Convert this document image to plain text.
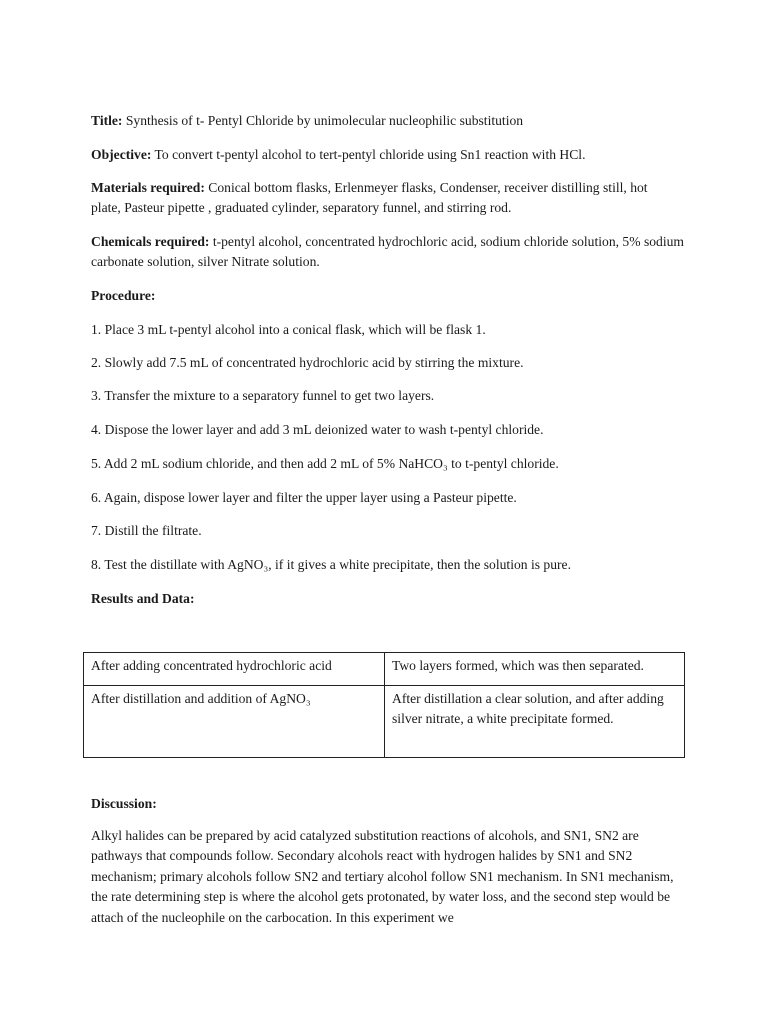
Title: Synthesis of t- Pentyl Chloride by unimolecular nucleophilic substitution

Objective: To convert t-pentyl alcohol to tert-pentyl chloride using Sn1 reaction with HCl.

Materials required: Conical bottom flasks, Erlenmeyer flasks, Condenser, receiver distilling still, hot plate, Pasteur pipette , graduated cylinder, separatory funnel, and stirring rod.

Chemicals required: t-pentyl alcohol, concentrated hydrochloric acid, sodium chloride solution, 5% sodium carbonate solution, silver Nitrate solution.

Procedure:

1. Place 3 mL t-pentyl alcohol into a conical flask, which will be flask 1.

2. Slowly add 7.5 mL of concentrated hydrochloric acid by stirring the mixture.

3. Transfer the mixture to a separatory funnel to get two layers.

4. Dispose the lower layer and add 3 mL deionized water to wash t-pentyl chloride.

5. Add 2 mL sodium chloride, and then add 2 mL of 5% NaHCO₃ to t-pentyl chloride.

6. Again, dispose lower layer and filter the upper layer using a Pasteur pipette.

7. Distill the filtrate.

8. Test the distillate with AgNO₃, if it gives a white precipitate, then the solution is pure.

Results and Data:

After adding concentrated hydrochloric acid	Two layers formed, which was then separated.
After distillation and addition of AgNO₃	After distillation a clear solution, and after adding silver nitrate, a white precipitate formed.

Discussion:

Alkyl halides can be prepared by acid catalyzed substitution reactions of alcohols, and SN1, SN2 are pathways that compounds follow. Secondary alcohols react with hydrogen halides by SN1 and SN2 mechanism; primary alcohols follow SN2 and tertiary alcohol follow SN1 mechanism. In SN1 mechanism, the rate determining step is where the alcohol gets protonated, by water loss, and the second step would be attach of the nucleophile on the carbocation. In this experiment we
